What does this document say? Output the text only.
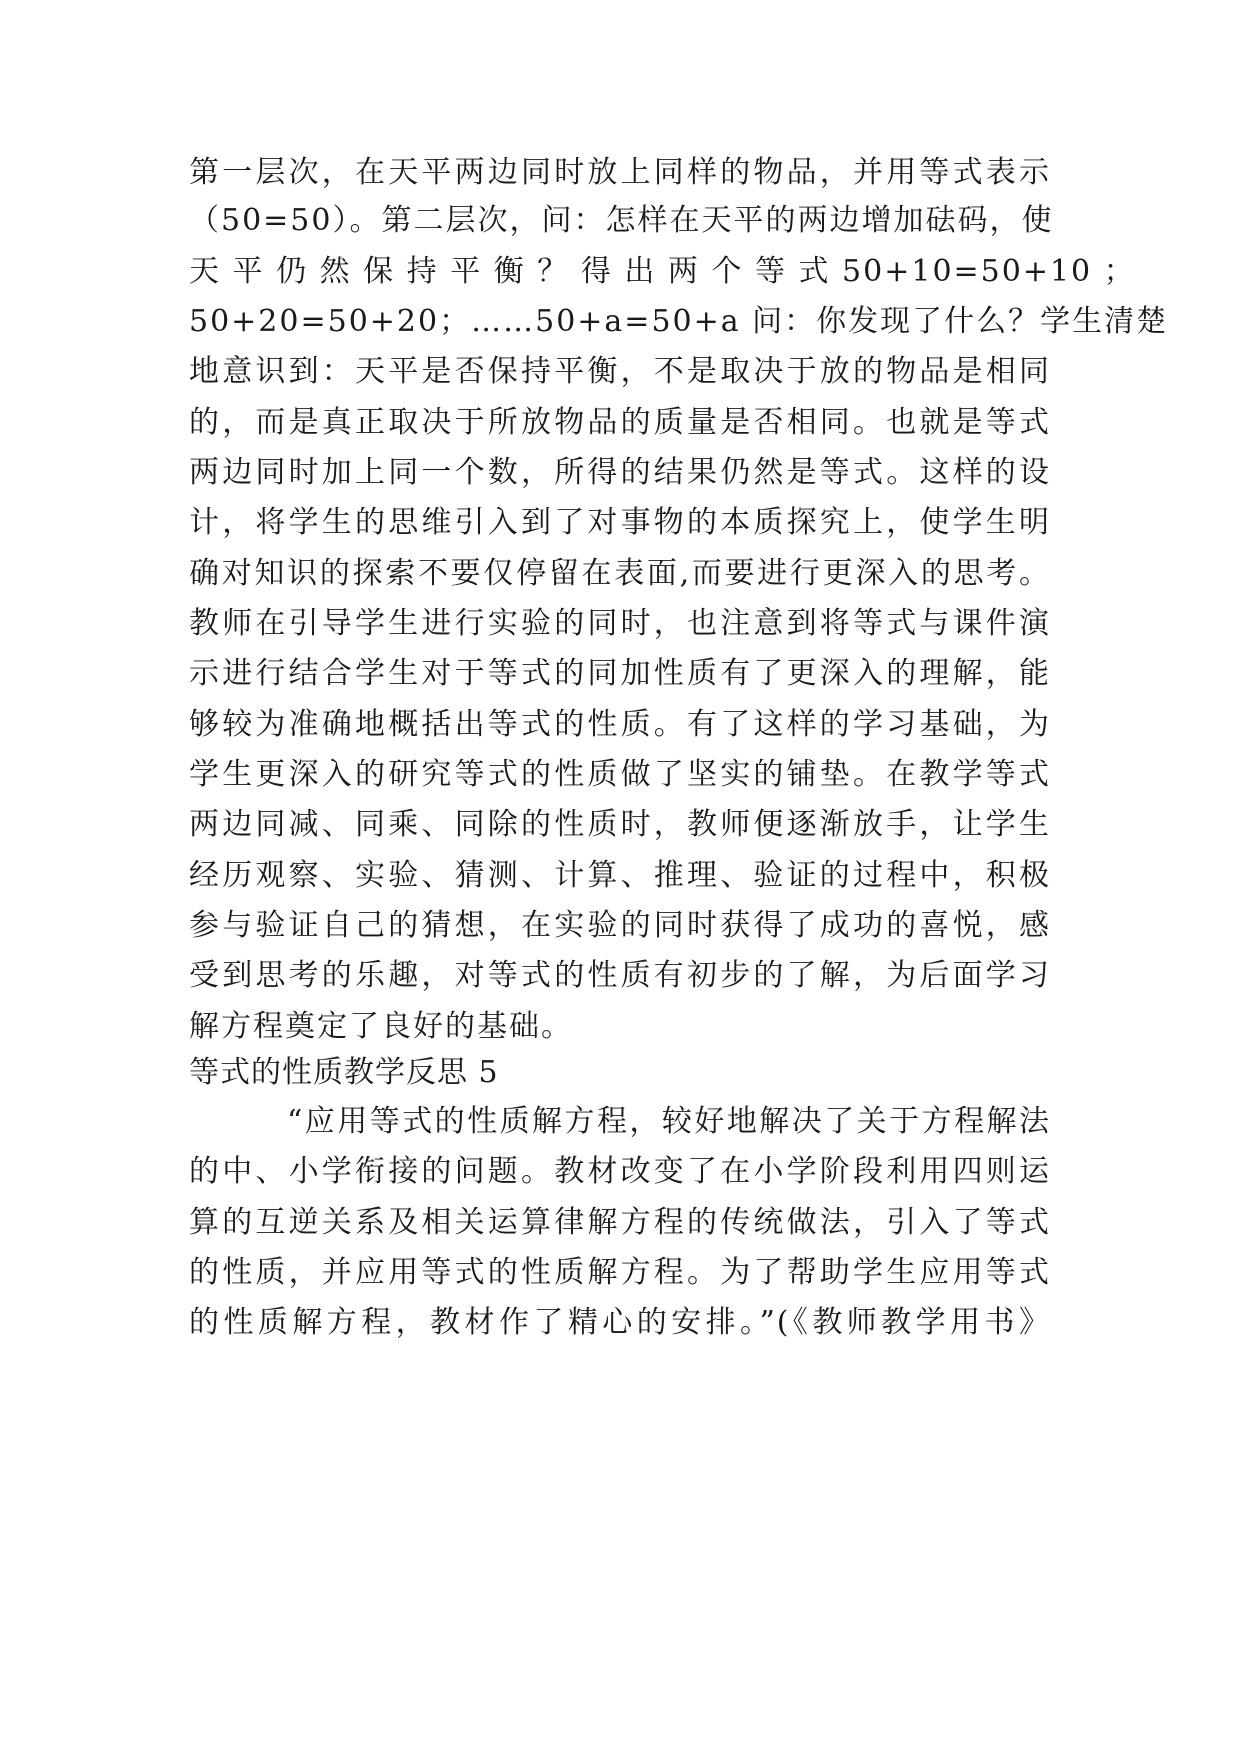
第一层次，在天平两边同时放上同样的物品，并用等式表示
（50=50）。第二层次，问：怎样在天平的两边增加砝码，使
天 平 仍 然 保 持 平 衡 ？ 得 出 两 个 等 式 50+10=50+10 ；
50+20=50+20；……50+a=50+a 问：你发现了什么？学生清楚
地意识到：天平是否保持平衡，不是取决于放的物品是相同
的，而是真正取决于所放物品的质量是否相同。也就是等式
两边同时加上同一个数，所得的结果仍然是等式。这样的设
计，将学生的思维引入到了对事物的本质探究上，使学生明
确对知识的探索不要仅停留在表面,而要进行更深入的思考。
教师在引导学生进行实验的同时，也注意到将等式与课件演
示进行结合学生对于等式的同加性质有了更深入的理解，能
够较为准确地概括出等式的性质。有了这样的学习基础，为
学生更深入的研究等式的性质做了坚实的铺垫。在教学等式
两边同减、同乘、同除的性质时，教师便逐渐放手，让学生
经历观察、实验、猜测、计算、推理、验证的过程中，积极
参与验证自己的猜想，在实验的同时获得了成功的喜悦，感
受到思考的乐趣，对等式的性质有初步的了解，为后面学习
解方程奠定了良好的基础。
等式的性质教学反思 5
“应用等式的性质解方程，较好地解决了关于方程解法
的中、小学衔接的问题。教材改变了在小学阶段利用四则运
算的互逆关系及相关运算律解方程的传统做法，引入了等式
的性质，并应用等式的性质解方程。为了帮助学生应用等式
的性质解方程，教材作了精心的安排。”(《教师教学用书》
